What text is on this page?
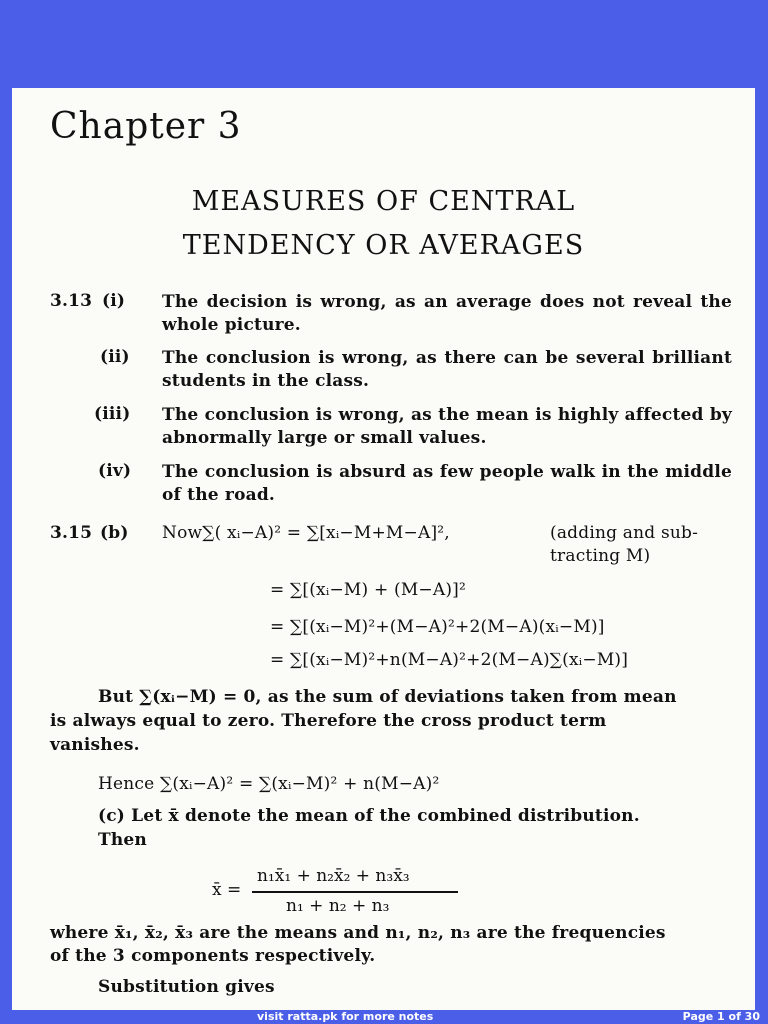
Chapter 3
MEASURES OF CENTRAL
TENDENCY OR AVERAGES
3.13 (i) The decision is wrong, as an average does not reveal the whole picture.
(ii) The conclusion is wrong, as there can be several brilliant students in the class.
(iii) The conclusion is wrong, as the mean is highly affected by abnormally large or small values.
(iv) The conclusion is absurd as few people walk in the middle of the road.
3.15 (b) Now∑( xᵢ−A)² = ∑[xᵢ−M+M−A]²,	(adding and sub-
tracting M)
= ∑[(xᵢ−M) + (M−A)]²
= ∑[(xᵢ−M)²+(M−A)²+2(M−A)(xᵢ−M)]
= ∑[(xᵢ−M)²+n(M−A)²+2(M−A)∑(xᵢ−M)]
But ∑(xᵢ−M) = 0, as the sum of deviations taken from mean
is always equal to zero. Therefore the cross product term
vanishes.
Hence ∑(xᵢ−A)² = ∑(xᵢ−M)² + n(M−A)²
(c) Let x̄ denote the mean of the combined distribution.
Then
x̄ =
n₁x̄₁ + n₂x̄₂ + n₃x̄₃
n₁ + n₂ + n₃
where x̄₁, x̄₂, x̄₃ are the means and n₁, n₂, n₃ are the frequencies
of the 3 components respectively.
Substitution gives
visit ratta.pk for more notes	Page 1 of 30
